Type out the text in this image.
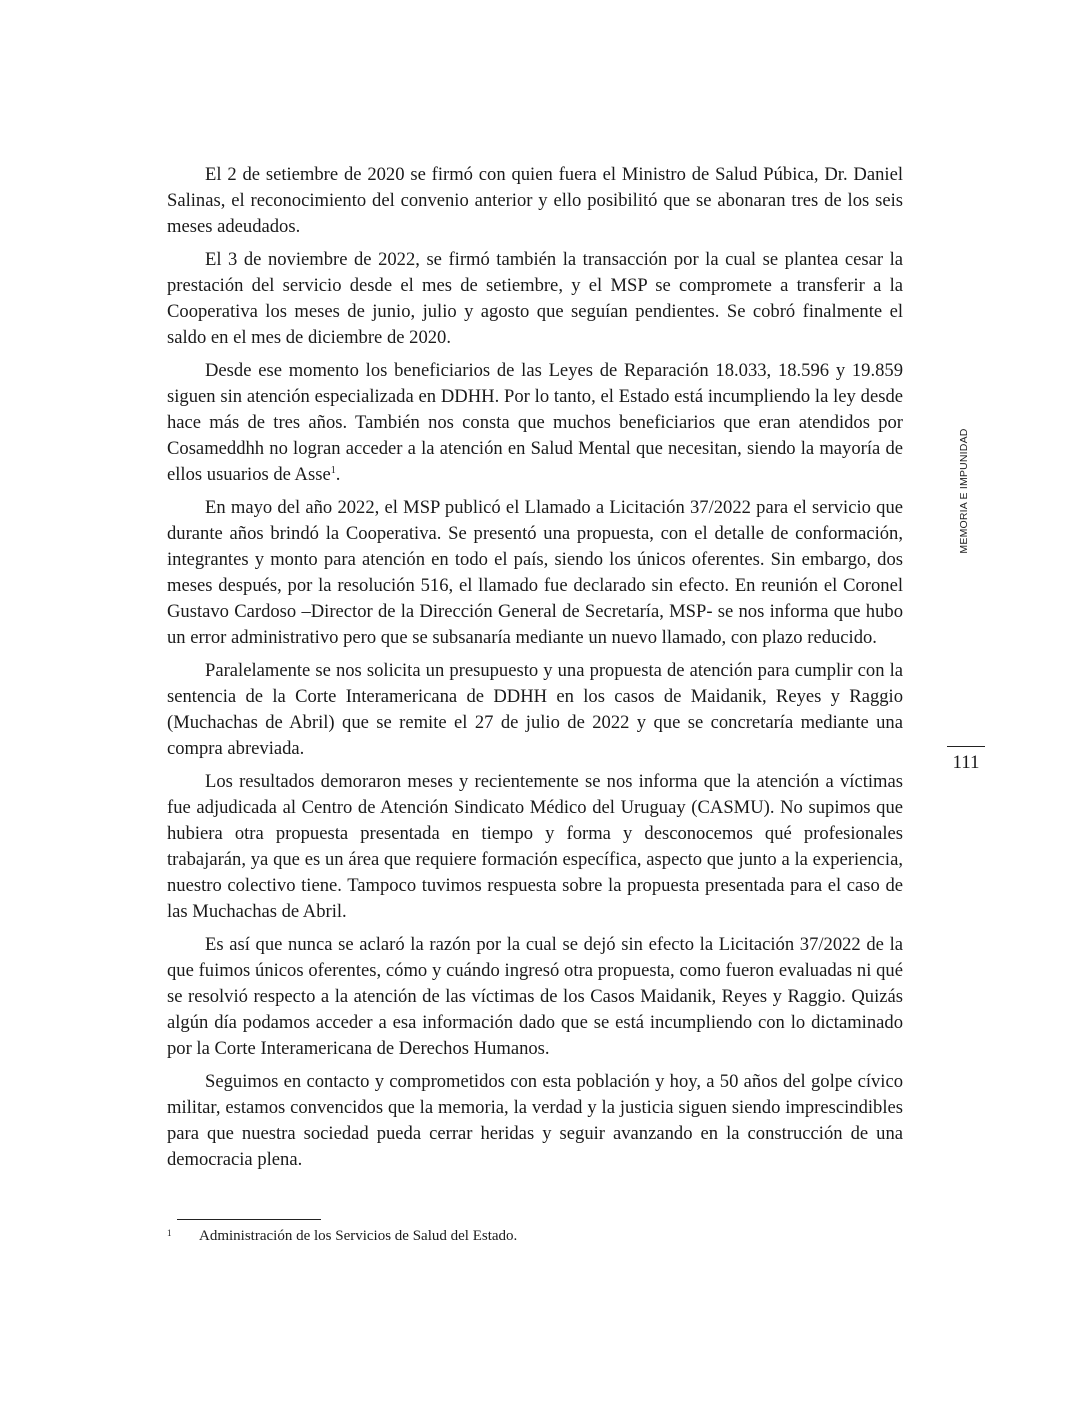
El 2 de setiembre de 2020 se firmó con quien fuera el Ministro de Salud Púbica, Dr. Daniel Salinas, el reconocimiento del convenio anterior y ello posibilitó que se abonaran tres de los seis meses adeudados.

El 3 de noviembre de 2022, se firmó también la transacción por la cual se plantea cesar la prestación del servicio desde el mes de setiembre, y el MSP se compromete a transferir a la Cooperativa los meses de junio, julio y agosto que seguían pendientes. Se cobró finalmente el saldo en el mes de diciembre de 2020.

Desde ese momento los beneficiarios de las Leyes de Reparación 18.033, 18.596 y 19.859 siguen sin atención especializada en DDHH. Por lo tanto, el Estado está incumpliendo la ley desde hace más de tres años. También nos consta que muchos beneficiarios que eran atendidos por Cosameddhh no logran acceder a la atención en Salud Mental que necesitan, siendo la mayoría de ellos usuarios de Asse$^1$.

En mayo del año 2022, el MSP publicó el Llamado a Licitación 37/2022 para el servicio que durante años brindó la Cooperativa. Se presentó una propuesta, con el detalle de conformación, integrantes y monto para atención en todo el país, siendo los únicos oferentes. Sin embargo, dos meses después, por la resolución 516, el llamado fue declarado sin efecto. En reunión el Coronel Gustavo Cardoso –Director de la Dirección General de Secretaría, MSP- se nos informa que hubo un error administrativo pero que se subsanaría mediante un nuevo llamado, con plazo reducido.

Paralelamente se nos solicita un presupuesto y una propuesta de atención para cumplir con la sentencia de la Corte Interamericana de DDHH en los casos de Maidanik, Reyes y Raggio (Muchachas de Abril) que se remite el 27 de julio de 2022 y que se concretaría mediante una compra abreviada.

Los resultados demoraron meses y recientemente se nos informa que la atención a víctimas fue adjudicada al Centro de Atención Sindicato Médico del Uruguay (CASMU). No supimos que hubiera otra propuesta presentada en tiempo y forma y desconocemos qué profesionales trabajarán, ya que es un área que requiere formación específica, aspecto que junto a la experiencia, nuestro colectivo tiene. Tampoco tuvimos respuesta sobre la propuesta presentada para el caso de las Muchachas de Abril.

Es así que nunca se aclaró la razón por la cual se dejó sin efecto la Licitación 37/2022 de la que fuimos únicos oferentes, cómo y cuándo ingresó otra propuesta, como fueron evaluadas ni qué se resolvió respecto a la atención de las víctimas de los Casos Maidanik, Reyes y Raggio. Quizás algún día podamos acceder a esa información dado que se está incumpliendo con lo dictaminado por la Corte Interamericana de Derechos Humanos.

Seguimos en contacto y comprometidos con esta población y hoy, a 50 años del golpe cívico militar, estamos convencidos que la memoria, la verdad y la justicia siguen siendo imprescindibles para que nuestra sociedad pueda cerrar heridas y seguir avanzando en la construcción de una democracia plena.

1 Administración de los Servicios de Salud del Estado.
MEMORIA E IMPUNIDAD
111
